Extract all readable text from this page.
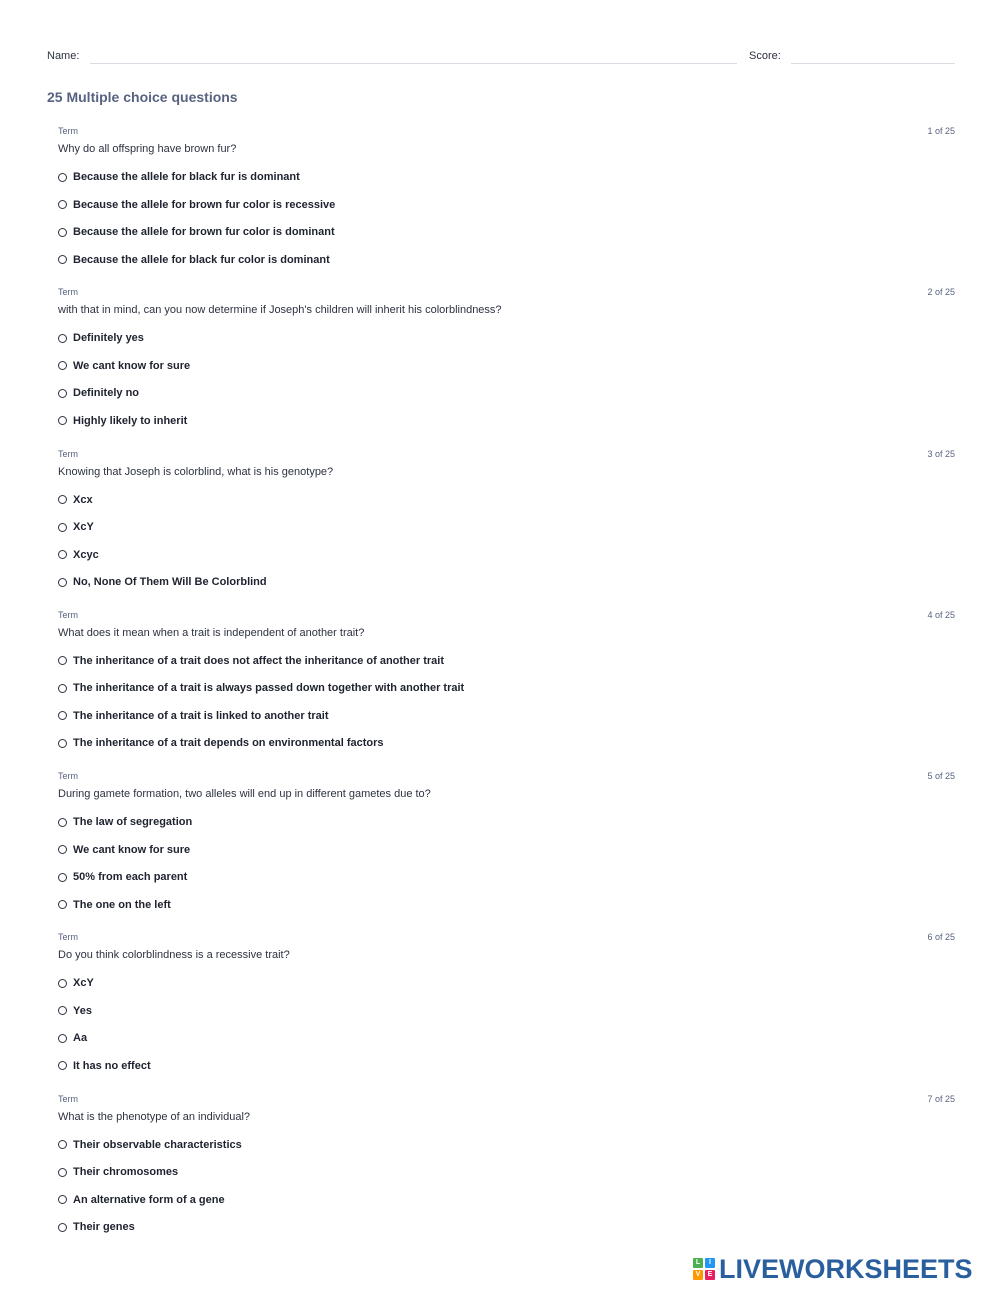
Name:	Score:
25 Multiple choice questions
Term	1 of 25
Why do all offspring have brown fur?
Because the allele for black fur is dominant
Because the allele for brown fur color is recessive
Because the allele for brown fur color is dominant
Because the allele for black fur color is dominant
Term	2 of 25
with that in mind, can you now determine if Joseph's children will inherit his colorblindness?
Definitely yes
We cant know for sure
Definitely no
Highly likely to inherit
Term	3 of 25
Knowing that Joseph is colorblind, what is his genotype?
Xcx
XcY
Xcyc
No, None Of Them Will Be Colorblind
Term	4 of 25
What does it mean when a trait is independent of another trait?
The inheritance of a trait does not affect the inheritance of another trait
The inheritance of a trait is always passed down together with another trait
The inheritance of a trait is linked to another trait
The inheritance of a trait depends on environmental factors
Term	5 of 25
During gamete formation, two alleles will end up in different gametes due to?
The law of segregation
We cant know for sure
50% from each parent
The one on the left
Term	6 of 25
Do you think colorblindness is a recessive trait?
XcY
Yes
Aa
It has no effect
Term	7 of 25
What is the phenotype of an individual?
Their observable characteristics
Their chromosomes
An alternative form of a gene
Their genes
L	I
V	E LIVEWORKSHEETS
